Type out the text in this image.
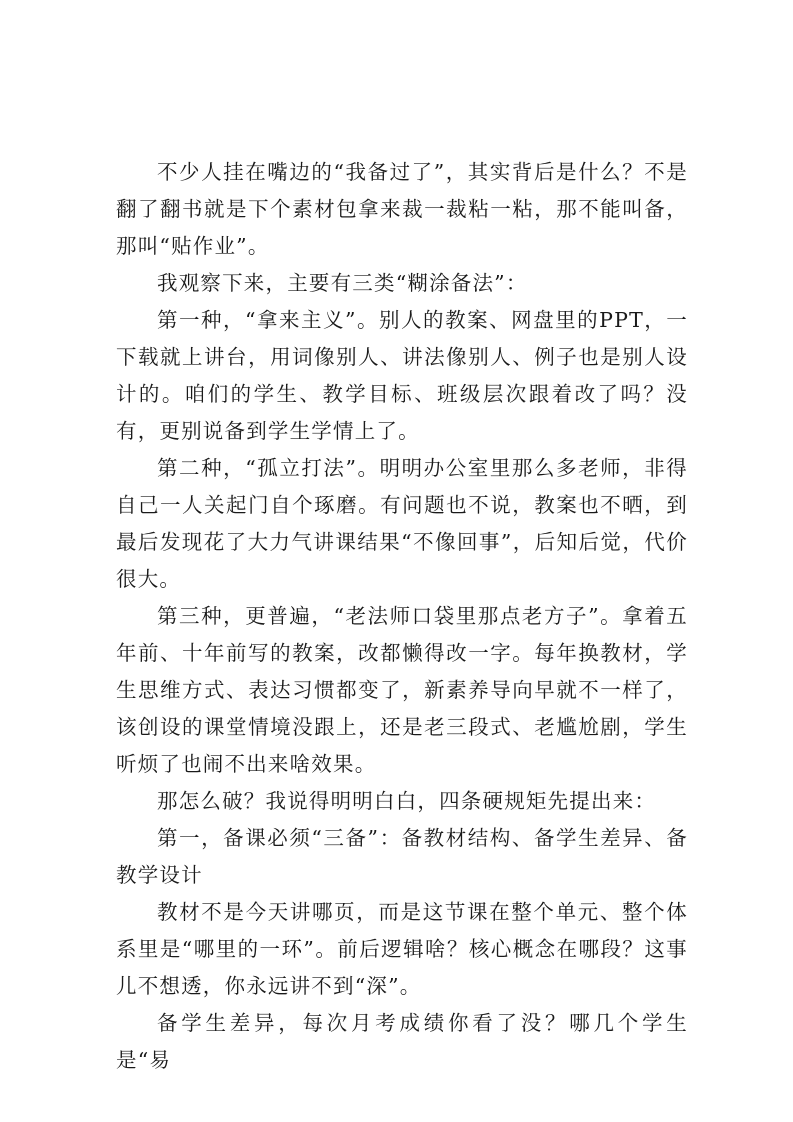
不少人挂在嘴边的“我备过了”，其实背后是什么？不是翻了翻书就是下个素材包拿来裁一裁粘一粘，那不能叫备，那叫“贴作业”。

我观察下来，主要有三类“糊涂备法”：

第一种，“拿来主义”。别人的教案、网盘里的PPT，一下载就上讲台，用词像别人、讲法像别人、例子也是别人设计的。咱们的学生、教学目标、班级层次跟着改了吗？没有，更别说备到学生学情上了。

第二种，“孤立打法”。明明办公室里那么多老师，非得自己一人关起门自个琢磨。有问题也不说，教案也不晒，到最后发现花了大力气讲课结果“不像回事”，后知后觉，代价很大。

第三种，更普遍，“老法师口袋里那点老方子”。拿着五年前、十年前写的教案，改都懒得改一字。每年换教材，学生思维方式、表达习惯都变了，新素养导向早就不一样了，该创设的课堂情境没跟上，还是老三段式、老尴尬剧，学生听烦了也闹不出来啥效果。

那怎么破？我说得明明白白，四条硬规矩先提出来：

第一，备课必须“三备”：备教材结构、备学生差异、备教学设计

教材不是今天讲哪页，而是这节课在整个单元、整个体系里是“哪里的一环”。前后逻辑啥？核心概念在哪段？这事儿不想透，你永远讲不到“深”。

备学生差异，每次月考成绩你看了没？哪几个学生是“易
